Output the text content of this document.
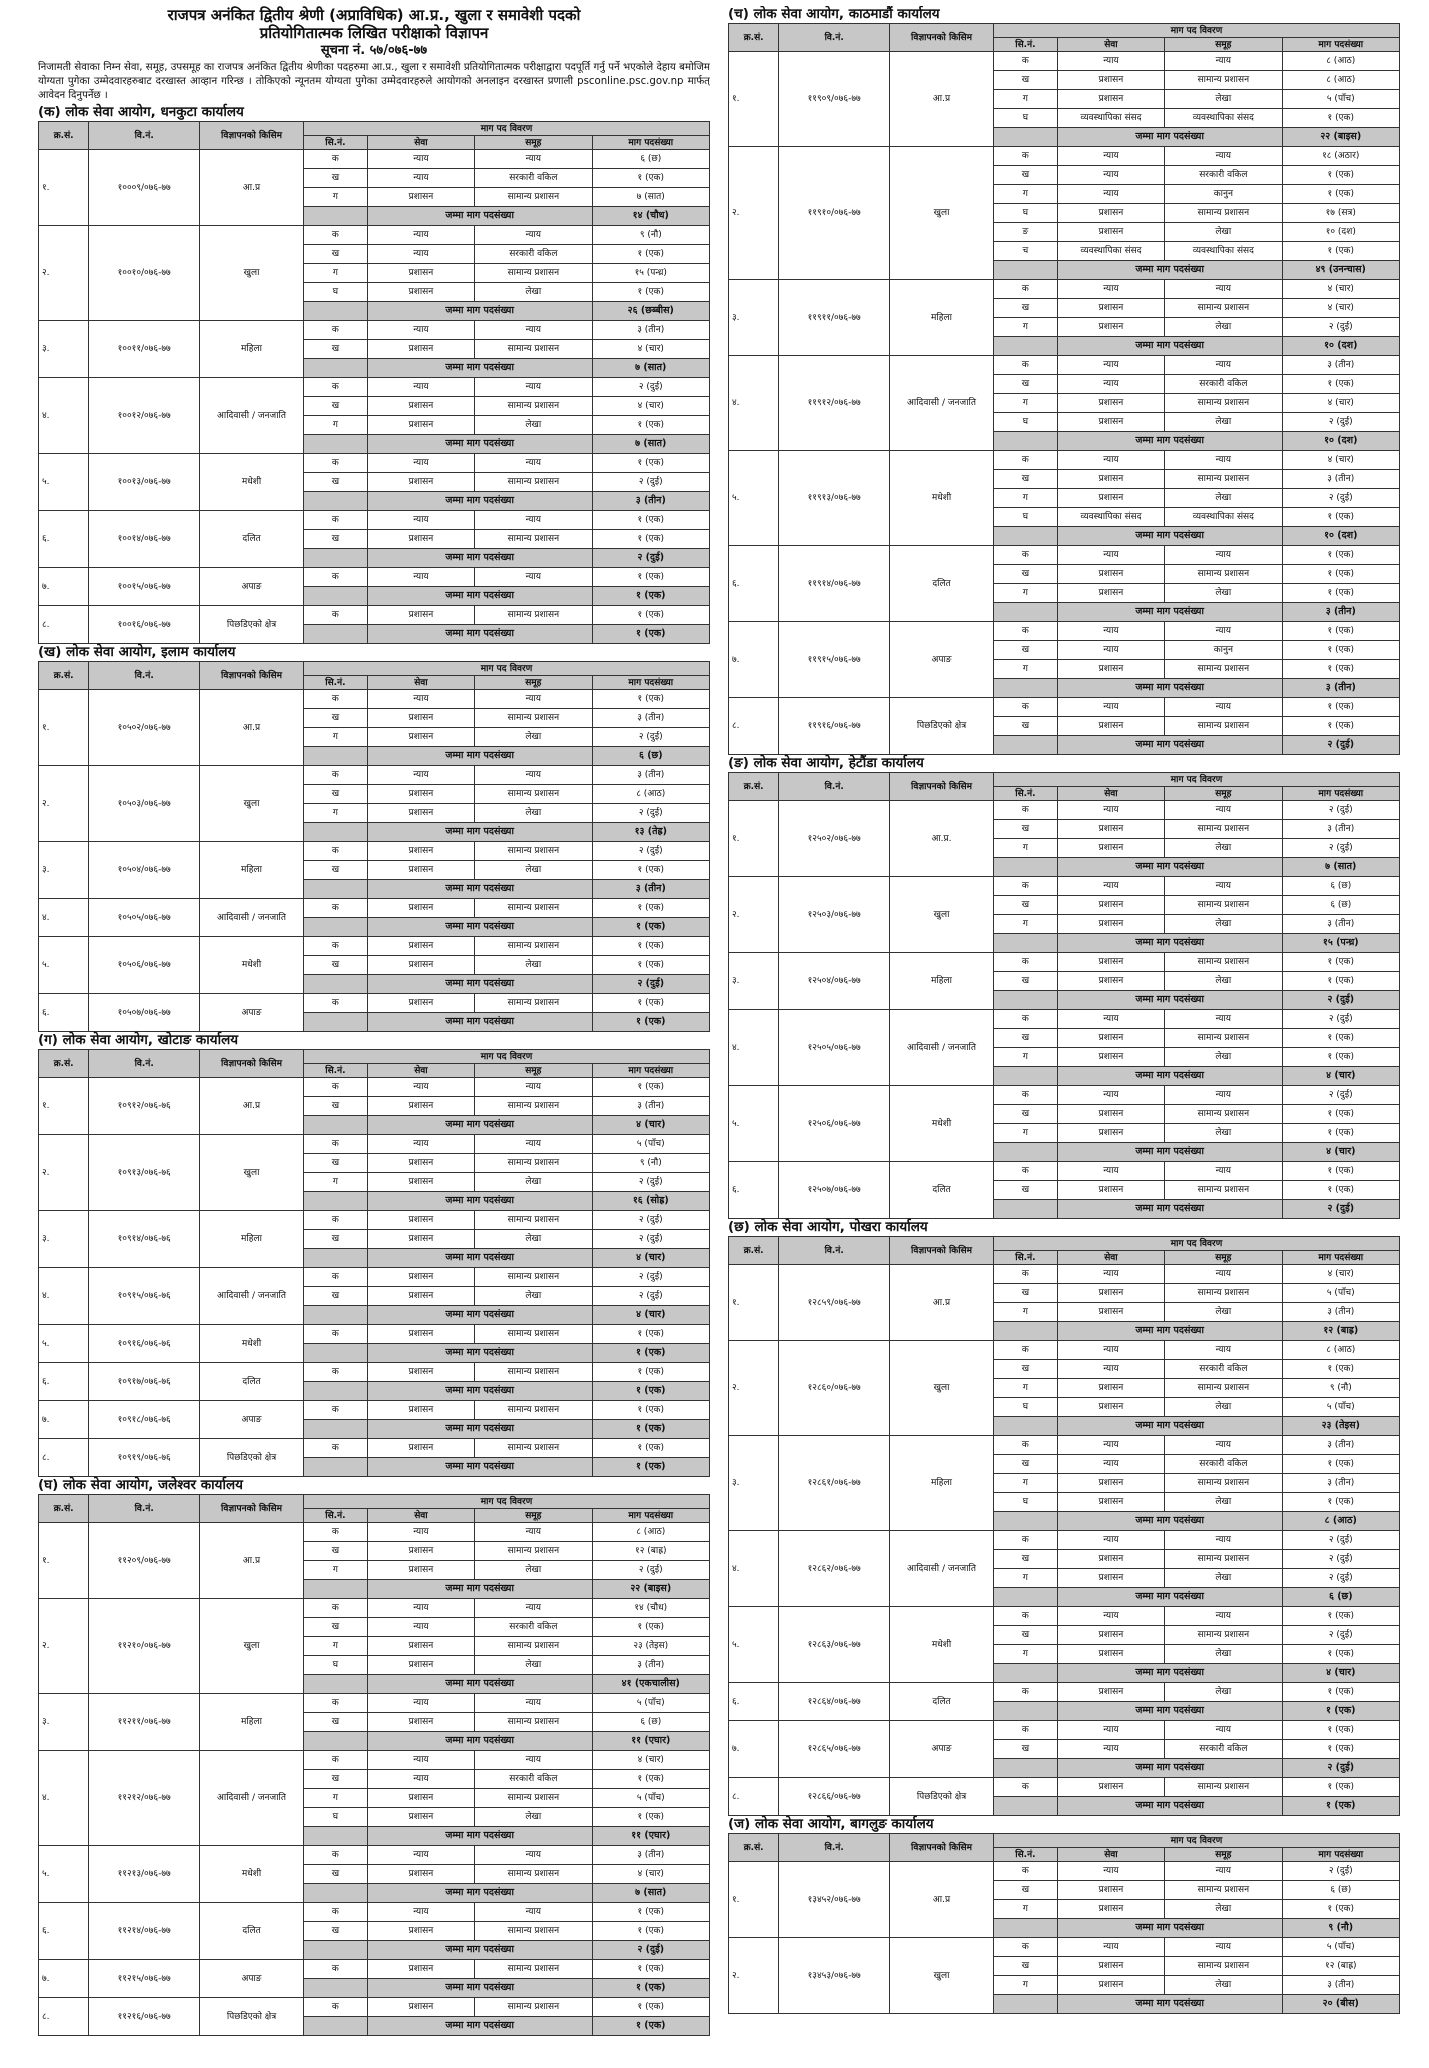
राजपत्र अनंकित द्वितीय श्रेणी (अप्राविधिक) आ.प्र., खुला र समावेशी पदको
प्रतियोगितात्मक लिखित परीक्षाको विज्ञापन
सूचना नं. ५७/०७६-७७

निजामती सेवाका निम्न सेवा, समूह, उपसमूह का राजपत्र अनंकित द्वितीय श्रेणीका पदहरुमा आ.प्र., खुला र समावेशी प्रतियोगितात्मक परीक्षाद्वारा पदपूर्ति गर्नु पर्ने भएकोले देहाय बमोजिम योग्यता पुगेका उम्मेदवारहरुबाट दरखास्त आव्हान गरिन्छ । तोकिएको न्यूनतम योग्यता पुगेका उम्मेदवारहरुले आयोगको अनलाइन दरखास्त प्रणाली psconline.psc.gov.np मार्फत् आवेदन दिनुपर्नेछ ।

(क) लोक सेवा आयोग, धनकुटा कार्यालय
क्र.सं.	वि.नं.	विज्ञापनको किसिम	माग पद विवरण			
			सि.नं.	सेवा	समूह	माग पदसंख्या
१.	१०००९/०७६-७७	आ.प्र	क	न्याय	न्याय	६ (छ)
			ख	न्याय	सरकारी वकिल	१ (एक)
			ग	प्रशासन	सामान्य प्रशासन	७ (सात)
				जम्मा माग पदसंख्या		१४ (चौध)
२.	१००१०/०७६-७७	खुला	क	न्याय	न्याय	९ (नौ)
			ख	न्याय	सरकारी वकिल	१ (एक)
			ग	प्रशासन	सामान्य प्रशासन	१५ (पन्ध्र)
			घ	प्रशासन	लेखा	१ (एक)
				जम्मा माग पदसंख्या		२६ (छब्बीस)
३.	१००११/०७६-७७	महिला	क	न्याय	न्याय	३ (तीन)
			ख	प्रशासन	सामान्य प्रशासन	४ (चार)
				जम्मा माग पदसंख्या		७ (सात)
४.	१००१२/०७६-७७	आदिवासी / जनजाति	क	न्याय	न्याय	२ (दुई)
			ख	प्रशासन	सामान्य प्रशासन	४ (चार)
			ग	प्रशासन	लेखा	१ (एक)
				जम्मा माग पदसंख्या		७ (सात)
५.	१००१३/०७६-७७	मधेशी	क	न्याय	न्याय	१ (एक)
			ख	प्रशासन	सामान्य प्रशासन	२ (दुई)
				जम्मा माग पदसंख्या		३ (तीन)
६.	१००१४/०७६-७७	दलित	क	न्याय	न्याय	१ (एक)
			ख	प्रशासन	सामान्य प्रशासन	१ (एक)
				जम्मा माग पदसंख्या		२ (दुई)
७.	१००१५/०७६-७७	अपाङ	क	न्याय	न्याय	१ (एक)
				जम्मा माग पदसंख्या		१ (एक)
८.	१००१६/०७६-७७	पिछडिएको क्षेत्र	क	प्रशासन	सामान्य प्रशासन	१ (एक)
				जम्मा माग पदसंख्या		१ (एक)
(ख) लोक सेवा आयोग, इलाम कार्यालय
क्र.सं.	वि.नं.	विज्ञापनको किसिम	माग पद विवरण			
			सि.नं.	सेवा	समूह	माग पदसंख्या
१.	१०५०२/०७६-७७	आ.प्र	क	न्याय	न्याय	१ (एक)
			ख	प्रशासन	सामान्य प्रशासन	३ (तीन)
			ग	प्रशासन	लेखा	२ (दुई)
				जम्मा माग पदसंख्या		६ (छ)
२.	१०५०३/०७६-७७	खुला	क	न्याय	न्याय	३ (तीन)
			ख	प्रशासन	सामान्य प्रशासन	८ (आठ)
			ग	प्रशासन	लेखा	२ (दुई)
				जम्मा माग पदसंख्या		१३ (तेह्र)
३.	१०५०४/०७६-७७	महिला	क	प्रशासन	सामान्य प्रशासन	२ (दुई)
			ख	प्रशासन	लेखा	१ (एक)
				जम्मा माग पदसंख्या		३ (तीन)
४.	१०५०५/०७६-७७	आदिवासी / जनजाति	क	प्रशासन	सामान्य प्रशासन	१ (एक)
				जम्मा माग पदसंख्या		१ (एक)
५.	१०५०६/०७६-७७	मधेशी	क	प्रशासन	सामान्य प्रशासन	१ (एक)
			ख	प्रशासन	लेखा	१ (एक)
				जम्मा माग पदसंख्या		२ (दुई)
६.	१०५०७/०७६-७७	अपाङ	क	प्रशासन	सामान्य प्रशासन	१ (एक)
				जम्मा माग पदसंख्या		१ (एक)
(ग) लोक सेवा आयोग, खोटाङ कार्यालय
क्र.सं.	वि.नं.	विज्ञापनको किसिम	माग पद विवरण			
			सि.नं.	सेवा	समूह	माग पदसंख्या
१.	१०९१२/०७६-७६	आ.प्र	क	न्याय	न्याय	१ (एक)
			ख	प्रशासन	सामान्य प्रशासन	३ (तीन)
				जम्मा माग पदसंख्या		४ (चार)
२.	१०९१३/०७६-७६	खुला	क	न्याय	न्याय	५ (पाँच)
			ख	प्रशासन	सामान्य प्रशासन	९ (नौ)
			ग	प्रशासन	लेखा	२ (दुई)
				जम्मा माग पदसंख्या		१६ (सोह्र)
३.	१०९१४/०७६-७६	महिला	क	प्रशासन	सामान्य प्रशासन	२ (दुई)
			ख	प्रशासन	लेखा	२ (दुई)
				जम्मा माग पदसंख्या		४ (चार)
४.	१०९१५/०७६-७६	आदिवासी / जनजाति	क	प्रशासन	सामान्य प्रशासन	२ (दुई)
			ख	प्रशासन	लेखा	२ (दुई)
				जम्मा माग पदसंख्या		४ (चार)
५.	१०९१६/०७६-७६	मधेशी	क	प्रशासन	सामान्य प्रशासन	१ (एक)
				जम्मा माग पदसंख्या		१ (एक)
६.	१०९१७/०७६-७६	दलित	क	प्रशासन	सामान्य प्रशासन	१ (एक)
				जम्मा माग पदसंख्या		१ (एक)
७.	१०९१८/०७६-७६	अपाङ	क	प्रशासन	सामान्य प्रशासन	१ (एक)
				जम्मा माग पदसंख्या		१ (एक)
८.	१०९१९/०७६-७६	पिछडिएको क्षेत्र	क	प्रशासन	सामान्य प्रशासन	१ (एक)
				जम्मा माग पदसंख्या		१ (एक)
(घ) लोक सेवा आयोग, जलेश्वर कार्यालय
क्र.सं.	वि.नं.	विज्ञापनको किसिम	माग पद विवरण			
			सि.नं.	सेवा	समूह	माग पदसंख्या
१.	११२०९/०७६-७७	आ.प्र	क	न्याय	न्याय	८ (आठ)
			ख	प्रशासन	सामान्य प्रशासन	१२ (बाह्र)
			ग	प्रशासन	लेखा	२ (दुई)
				जम्मा माग पदसंख्या		२२ (बाइस)
२.	११२१०/०७६-७७	खुला	क	न्याय	न्याय	१४ (चौध)
			ख	न्याय	सरकारी वकिल	१ (एक)
			ग	प्रशासन	सामान्य प्रशासन	२३ (तेइस)
			घ	प्रशासन	लेखा	३ (तीन)
				जम्मा माग पदसंख्या		४१ (एकचालीस)
३.	११२११/०७६-७७	महिला	क	न्याय	न्याय	५ (पाँच)
			ख	प्रशासन	सामान्य प्रशासन	६ (छ)
				जम्मा माग पदसंख्या		११ (एघार)
४.	११२१२/०७६-७७	आदिवासी / जनजाति	क	न्याय	न्याय	४ (चार)
			ख	न्याय	सरकारी वकिल	१ (एक)
			ग	प्रशासन	सामान्य प्रशासन	५ (पाँच)
			घ	प्रशासन	लेखा	१ (एक)
				जम्मा माग पदसंख्या		११ (एघार)
५.	११२१३/०७६-७७	मधेशी	क	न्याय	न्याय	३ (तीन)
			ख	प्रशासन	सामान्य प्रशासन	४ (चार)
				जम्मा माग पदसंख्या		७ (सात)
६.	११२१४/०७६-७७	दलित	क	न्याय	न्याय	१ (एक)
			ख	प्रशासन	सामान्य प्रशासन	१ (एक)
				जम्मा माग पदसंख्या		२ (दुई)
७.	११२१५/०७६-७७	अपाङ	क	प्रशासन	सामान्य प्रशासन	१ (एक)
				जम्मा माग पदसंख्या		१ (एक)
८.	११२१६/०७६-७७	पिछडिएको क्षेत्र	क	प्रशासन	सामान्य प्रशासन	१ (एक)
				जम्मा माग पदसंख्या		१ (एक)
(च) लोक सेवा आयोग, काठमाडौं कार्यालय
क्र.सं.	वि.नं.	विज्ञापनको किसिम	माग पद विवरण			
			सि.नं.	सेवा	समूह	माग पदसंख्या
१.	११९०९/०७६-७७	आ.प्र	क	न्याय	न्याय	८ (आठ)
			ख	प्रशासन	सामान्य प्रशासन	८ (आठ)
			ग	प्रशासन	लेखा	५ (पाँच)
			घ	व्यवस्थापिका संसद	व्यवस्थापिका संसद	१ (एक)
				जम्मा माग पदसंख्या		२२ (बाइस)
२.	११९१०/०७६-७७	खुला	क	न्याय	न्याय	१८ (अठार)
			ख	न्याय	सरकारी वकिल	१ (एक)
			ग	न्याय	कानुन	१ (एक)
			घ	प्रशासन	सामान्य प्रशासन	१७ (सत्र)
			ङ	प्रशासन	लेखा	१० (दश)
			च	व्यवस्थापिका संसद	व्यवस्थापिका संसद	१ (एक)
				जम्मा माग पदसंख्या		४९ (उनन्चास)
३.	११९११/०७६-७७	महिला	क	न्याय	न्याय	४ (चार)
			ख	प्रशासन	सामान्य प्रशासन	४ (चार)
			ग	प्रशासन	लेखा	२ (दुई)
				जम्मा माग पदसंख्या		१० (दश)
४.	११९१२/०७६-७७	आदिवासी / जनजाति	क	न्याय	न्याय	३ (तीन)
			ख	न्याय	सरकारी वकिल	१ (एक)
			ग	प्रशासन	सामान्य प्रशासन	४ (चार)
			घ	प्रशासन	लेखा	२ (दुई)
				जम्मा माग पदसंख्या		१० (दश)
५.	११९१३/०७६-७७	मधेशी	क	न्याय	न्याय	४ (चार)
			ख	प्रशासन	सामान्य प्रशासन	३ (तीन)
			ग	प्रशासन	लेखा	२ (दुई)
			घ	व्यवस्थापिका संसद	व्यवस्थापिका संसद	१ (एक)
				जम्मा माग पदसंख्या		१० (दश)
६.	११९१४/०७६-७७	दलित	क	न्याय	न्याय	१ (एक)
			ख	प्रशासन	सामान्य प्रशासन	१ (एक)
			ग	प्रशासन	लेखा	१ (एक)
				जम्मा माग पदसंख्या		३ (तीन)
७.	११९१५/०७६-७७	अपाङ	क	न्याय	न्याय	१ (एक)
			ख	न्याय	कानुन	१ (एक)
			ग	प्रशासन	सामान्य प्रशासन	१ (एक)
				जम्मा माग पदसंख्या		३ (तीन)
८.	११९१६/०७६-७७	पिछडिएको क्षेत्र	क	न्याय	न्याय	१ (एक)
			ख	प्रशासन	सामान्य प्रशासन	१ (एक)
				जम्मा माग पदसंख्या		२ (दुई)
(ङ) लोक सेवा आयोग, हेटौंडा कार्यालय
क्र.सं.	वि.नं.	विज्ञापनको किसिम	माग पद विवरण			
			सि.नं.	सेवा	समूह	माग पदसंख्या
१.	१२५०२/०७६-७७	आ.प्र.	क	न्याय	न्याय	२ (दुई)
			ख	प्रशासन	सामान्य प्रशासन	३ (तीन)
			ग	प्रशासन	लेखा	२ (दुई)
				जम्मा माग पदसंख्या		७ (सात)
२.	१२५०३/०७६-७७	खुला	क	न्याय	न्याय	६ (छ)
			ख	प्रशासन	सामान्य प्रशासन	६ (छ)
			ग	प्रशासन	लेखा	३ (तीन)
				जम्मा माग पदसंख्या		१५ (पन्ध्र)
३.	१२५०४/०७६-७७	महिला	क	प्रशासन	सामान्य प्रशासन	१ (एक)
			ख	प्रशासन	लेखा	१ (एक)
				जम्मा माग पदसंख्या		२ (दुई)
४.	१२५०५/०७६-७७	आदिवासी / जनजाति	क	न्याय	न्याय	२ (दुई)
			ख	प्रशासन	सामान्य प्रशासन	१ (एक)
			ग	प्रशासन	लेखा	१ (एक)
				जम्मा माग पदसंख्या		४ (चार)
५.	१२५०६/०७६-७७	मधेशी	क	न्याय	न्याय	२ (दुई)
			ख	प्रशासन	सामान्य प्रशासन	१ (एक)
			ग	प्रशासन	लेखा	१ (एक)
				जम्मा माग पदसंख्या		४ (चार)
६.	१२५०७/०७६-७७	दलित	क	न्याय	न्याय	१ (एक)
			ख	प्रशासन	सामान्य प्रशासन	१ (एक)
				जम्मा माग पदसंख्या		२ (दुई)
(छ) लोक सेवा आयोग, पोखरा कार्यालय
क्र.सं.	वि.नं.	विज्ञापनको किसिम	माग पद विवरण			
			सि.नं.	सेवा	समूह	माग पदसंख्या
१.	१२८५९/०७६-७७	आ.प्र	क	न्याय	न्याय	४ (चार)
			ख	प्रशासन	सामान्य प्रशासन	५ (पाँच)
			ग	प्रशासन	लेखा	३ (तीन)
				जम्मा माग पदसंख्या		१२ (बाह्र)
२.	१२८६०/०७६-७७	खुला	क	न्याय	न्याय	८ (आठ)
			ख	न्याय	सरकारी वकिल	१ (एक)
			ग	प्रशासन	सामान्य प्रशासन	९ (नौ)
			घ	प्रशासन	लेखा	५ (पाँच)
				जम्मा माग पदसंख्या		२३ (तेइस)
३.	१२८६१/०७६-७७	महिला	क	न्याय	न्याय	३ (तीन)
			ख	न्याय	सरकारी वकिल	१ (एक)
			ग	प्रशासन	सामान्य प्रशासन	३ (तीन)
			घ	प्रशासन	लेखा	१ (एक)
				जम्मा माग पदसंख्या		८ (आठ)
४.	१२८६२/०७६-७७	आदिवासी / जनजाति	क	न्याय	न्याय	२ (दुई)
			ख	प्रशासन	सामान्य प्रशासन	२ (दुई)
			ग	प्रशासन	लेखा	२ (दुई)
				जम्मा माग पदसंख्या		६ (छ)
५.	१२८६३/०७६-७७	मधेशी	क	न्याय	न्याय	१ (एक)
			ख	प्रशासन	सामान्य प्रशासन	२ (दुई)
			ग	प्रशासन	लेखा	१ (एक)
				जम्मा माग पदसंख्या		४ (चार)
६.	१२८६४/०७६-७७	दलित	क	प्रशासन	लेखा	१ (एक)
				जम्मा माग पदसंख्या		१ (एक)
७.	१२८६५/०७६-७७	अपाङ	क	न्याय	न्याय	१ (एक)
			ख	न्याय	सरकारी वकिल	१ (एक)
				जम्मा माग पदसंख्या		२ (दुई)
८.	१२८६६/०७६-७७	पिछडिएको क्षेत्र	क	प्रशासन	सामान्य प्रशासन	१ (एक)
				जम्मा माग पदसंख्या		१ (एक)
(ज) लोक सेवा आयोग, बागलुङ कार्यालय
क्र.सं.	वि.नं.	विज्ञापनको किसिम	माग पद विवरण			
			सि.नं.	सेवा	समूह	माग पदसंख्या
१.	१३४५२/०७६-७७	आ.प्र	क	न्याय	न्याय	२ (दुई)
			ख	प्रशासन	सामान्य प्रशासन	६ (छ)
			ग	प्रशासन	लेखा	१ (एक)
				जम्मा माग पदसंख्या		९ (नौ)
२.	१३४५३/०७६-७७	खुला	क	न्याय	न्याय	५ (पाँच)
			ख	प्रशासन	सामान्य प्रशासन	१२ (बाह्र)
			ग	प्रशासन	लेखा	३ (तीन)
				जम्मा माग पदसंख्या		२० (बीस)
